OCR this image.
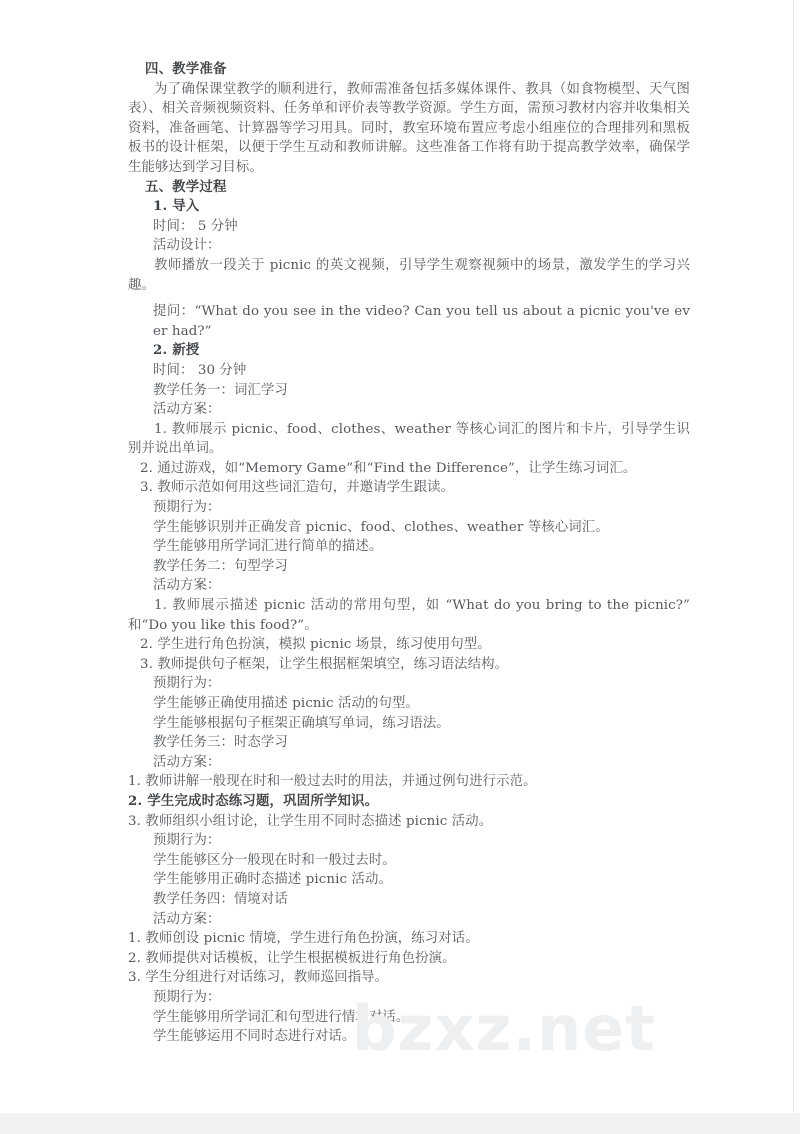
四、教学准备

为了确保课堂教学的顺利进行，教师需准备包括多媒体课件、教具（如食物模型、天气图表）、相关音频视频资料、任务单和评价表等教学资源。学生方面，需预习教材内容并收集相关资料，准备画笔、计算器等学习用具。同时，教室环境布置应考虑小组座位的合理排列和黑板板书的设计框架，以便于学生互动和教师讲解。这些准备工作将有助于提高教学效率，确保学生能够达到学习目标。

五、教学过程

1. 导入

时间： 5 分钟

活动设计：

教师播放一段关于 picnic 的英文视频，引导学生观察视频中的场景，激发学生的学习兴趣。

提问：“What do you see in the video? Can you tell us about a picnic you've ever had?”

2. 新授

时间： 30 分钟

教学任务一：词汇学习

活动方案：

1. 教师展示 picnic、food、clothes、weather 等核心词汇的图片和卡片，引导学生识别并说出单词。

2. 通过游戏，如“Memory Game”和“Find the Difference”，让学生练习词汇。

3. 教师示范如何用这些词汇造句，并邀请学生跟读。

预期行为：

学生能够识别并正确发音 picnic、food、clothes、weather 等核心词汇。

学生能够用所学词汇进行简单的描述。

教学任务二：句型学习

活动方案：

1. 教师展示描述 picnic 活动的常用句型，如 “What do you bring to the picnic?” 和“Do you like this food?”。

2. 学生进行角色扮演，模拟 picnic 场景，练习使用句型。

3. 教师提供句子框架，让学生根据框架填空，练习语法结构。

预期行为：

学生能够正确使用描述 picnic 活动的句型。

学生能够根据句子框架正确填写单词，练习语法。

教学任务三：时态学习

活动方案：

1. 教师讲解一般现在时和一般过去时的用法，并通过例句进行示范。

2. 学生完成时态练习题，巩固所学知识。

3. 教师组织小组讨论，让学生用不同时态描述 picnic 活动。

预期行为：

学生能够区分一般现在时和一般过去时。

学生能够用正确时态描述 picnic 活动。

教学任务四：情境对话

活动方案：

1. 教师创设 picnic 情境，学生进行角色扮演，练习对话。

2. 教师提供对话模板，让学生根据模板进行角色扮演。

3. 学生分组进行对话练习，教师巡回指导。

预期行为：

学生能够用所学词汇和句型进行情境对话。

学生能够运用不同时态进行对话。

bzxz.net
